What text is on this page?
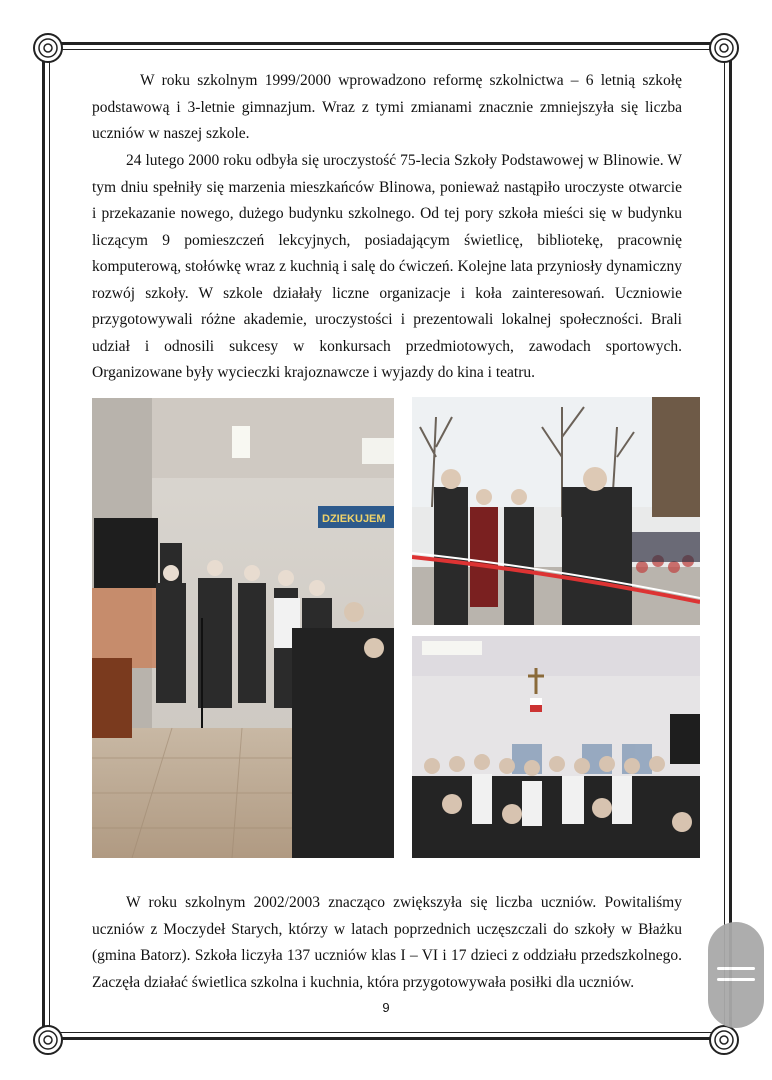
W roku szkolnym 1999/2000 wprowadzono reformę szkolnictwa – 6 letnią szkołę podstawową i 3-letnie gimnazjum. Wraz z tymi zmianami znacznie zmniejszyła się liczba uczniów w naszej szkole.

24 lutego 2000 roku odbyła się uroczystość 75-lecia Szkoły Podstawowej w Blinowie. W tym dniu spełniły się marzenia mieszkańców Blinowa, ponieważ nastąpiło uroczyste otwarcie i przekazanie nowego, dużego budynku szkolnego. Od tej pory szkoła mieści się w budynku liczącym 9 pomieszczeń lekcyjnych, posiadającym świetlicę, bibliotekę, pracownię komputerową, stołówkę wraz z kuchnią i salę do ćwiczeń. Kolejne lata przyniosły dynamiczny rozwój szkoły. W szkole działały liczne organizacje i koła zainteresowań. Uczniowie przygotowywali różne akademie, uroczystości i prezentowali lokalnej społeczności. Brali udział i odnosili sukcesy w konkursach przedmiotowych, zawodach sportowych. Organizowane były wycieczki krajoznawcze i wyjazdy do kina i teatru.

DZIEKUJEM

W roku szkolnym 2002/2003 znacząco zwiększyła się liczba uczniów. Powitaliśmy uczniów z Moczydeł Starych, którzy w latach poprzednich uczęszczali do szkoły w Błażku (gmina Batorz). Szkoła liczyła 137 uczniów klas I – VI i 17 dzieci z oddziału przedszkolnego. Zaczęła działać świetlica szkolna i kuchnia, która przygotowywała posiłki dla uczniów.

9
